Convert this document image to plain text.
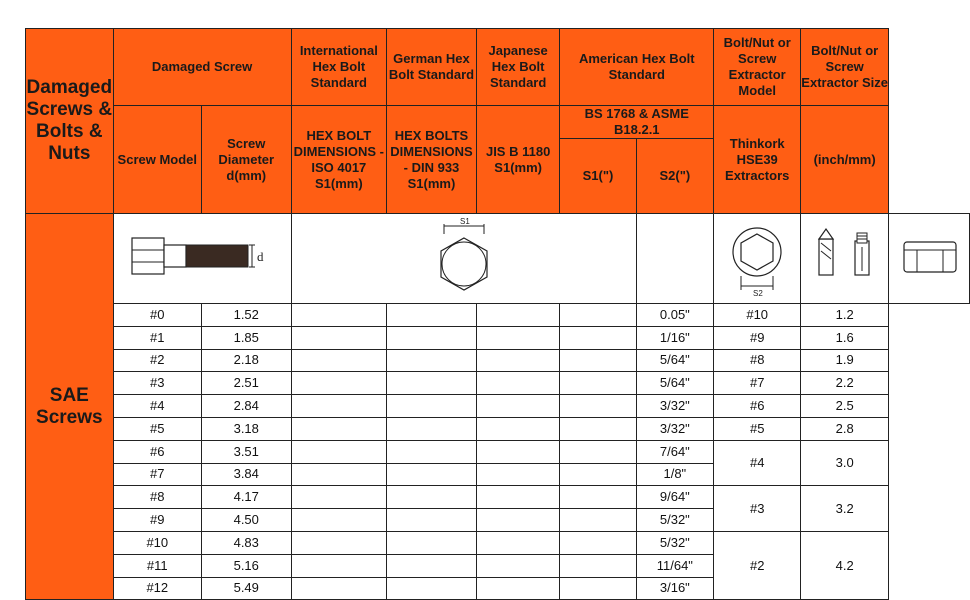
Damaged Screws & Bolts & Nuts	Damaged Screw		International Hex Bolt Standard	German Hex Bolt Standard	Japanese Hex Bolt Standard	American Hex Bolt Standard		Bolt/Nut or Screw Extractor Model	Bolt/Nut or Screw Extractor Size	
	Screw Model	Screw Diameter d(mm)	HEX BOLT DIMENSIONS - ISO 4017 S1(mm)	HEX BOLTS DIMENSIONS - DIN 933 S1(mm)	JIS B 1180 S1(mm)	BS 1768 & ASME B18.2.1		Thinkork HSE39 Extractors	(inch/mm)	
						S1(")	S2(")			
SAE Screws	d		S1					S2

	#0	1.52					0.05"	#10	1.2	
	#1	1.85					1/16"	#9	1.6	
	#2	2.18					5/64"	#8	1.9	
	#3	2.51					5/64"	#7	2.2	
	#4	2.84					3/32"	#6	2.5	
	#5	3.18					3/32"	#5	2.8	
	#6	3.51					7/64"	#4	3.0	
	#7	3.84					1/8"			
	#8	4.17					9/64"	#3	3.2	
	#9	4.50					5/32"			
	#10	4.83					5/32"	#2	4.2	
	#11	5.16					11/64"			
	#12	5.49					3/16"			
